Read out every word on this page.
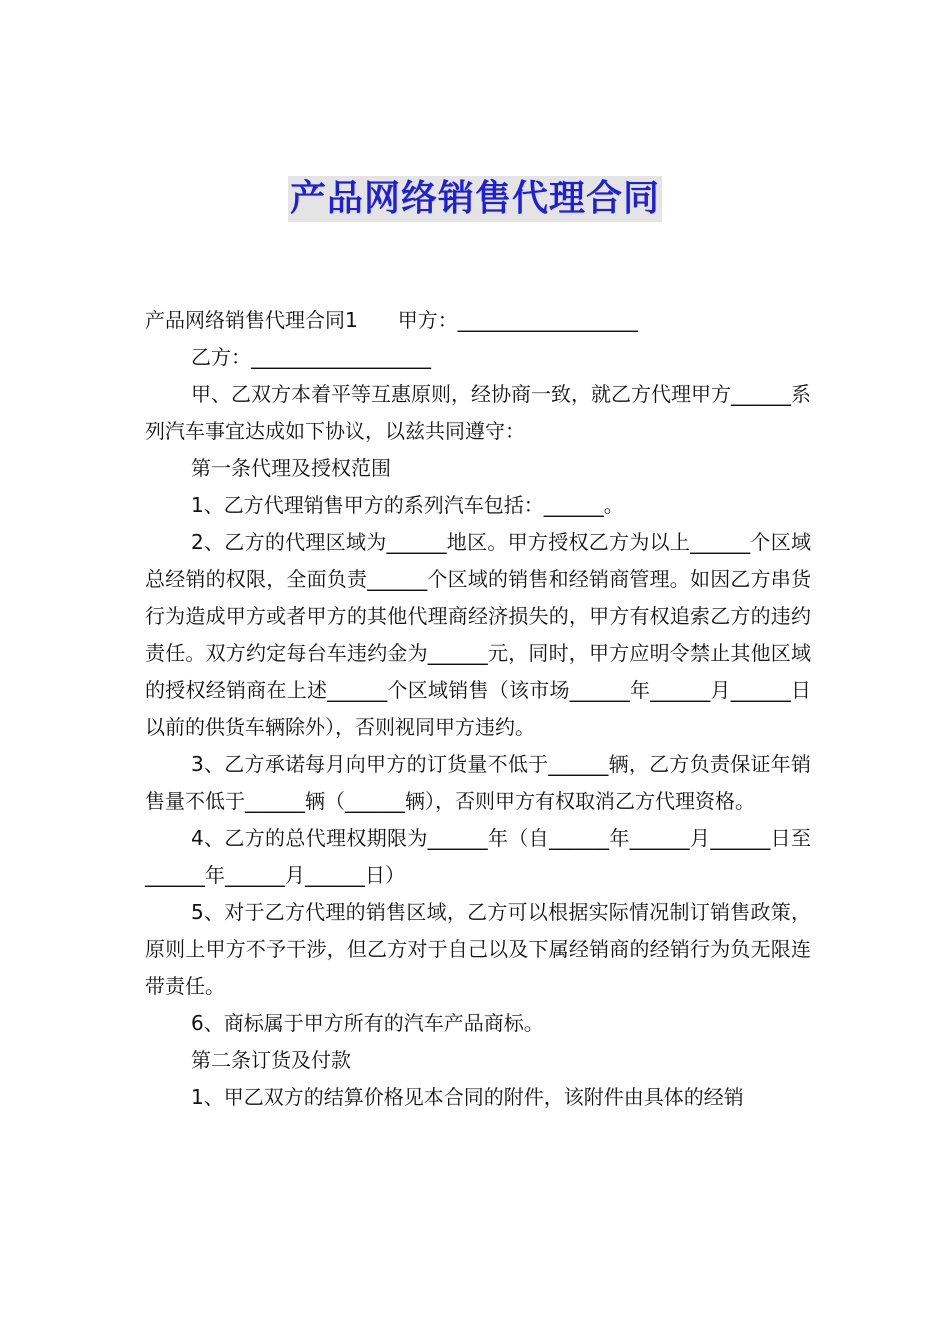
产品网络销售代理合同

产品网络销售代理合同1　　甲方：__________________

乙方：__________________

甲、乙双方本着平等互惠原则，经协商一致，就乙方代理甲方______系列汽车事宜达成如下协议，以兹共同遵守：

第一条代理及授权范围

1、乙方代理销售甲方的系列汽车包括：______。

2、乙方的代理区域为______地区。甲方授权乙方为以上______个区域总经销的权限，全面负责______个区域的销售和经销商管理。如因乙方串货行为造成甲方或者甲方的其他代理商经济损失的，甲方有权追索乙方的违约责任。双方约定每台车违约金为______元，同时，甲方应明令禁止其他区域的授权经销商在上述______个区域销售（该市场______年______月______日以前的供货车辆除外），否则视同甲方违约。

3、乙方承诺每月向甲方的订货量不低于______辆，乙方负责保证年销售量不低于______辆（______辆），否则甲方有权取消乙方代理资格。

4、乙方的总代理权期限为______年（自______年______月______日至______年______月______日）

5、对于乙方代理的销售区域，乙方可以根据实际情况制订销售政策，原则上甲方不予干涉，但乙方对于自己以及下属经销商的经销行为负无限连带责任。

6、商标属于甲方所有的汽车产品商标。

第二条订货及付款

1、甲乙双方的结算价格见本合同的附件，该附件由具体的经销
